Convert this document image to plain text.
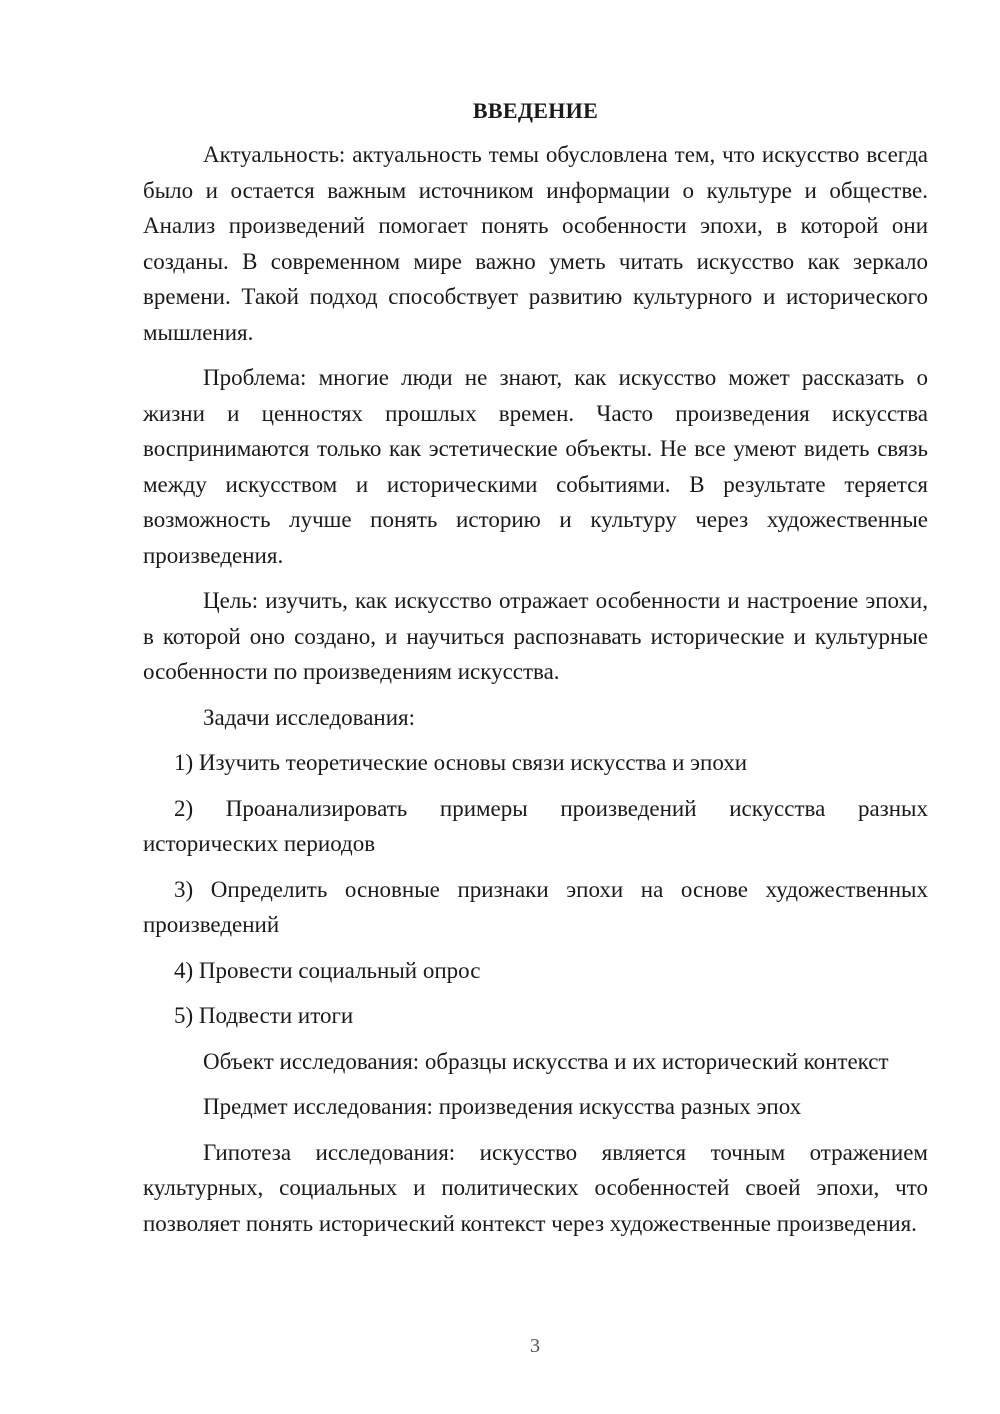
ВВЕДЕНИЕ

Актуальность: актуальность темы обусловлена тем, что искусство всегда было и остается важным источником информации о культуре и обществе. Анализ произведений помогает понять особенности эпохи, в которой они созданы. В современном мире важно уметь читать искусство как зеркало времени. Такой подход способствует развитию культурного и исторического мышления.

Проблема: многие люди не знают, как искусство может рассказать о жизни и ценностях прошлых времен. Часто произведения искусства воспринимаются только как эстетические объекты. Не все умеют видеть связь между искусством и историческими событиями. В результате теряется возможность лучше понять историю и культуру через художественные произведения.

Цель: изучить, как искусство отражает особенности и настроение эпохи, в которой оно создано, и научиться распознавать исторические и культурные особенности по произведениям искусства.

Задачи исследования:

1) Изучить теоретические основы связи искусства и эпохи

2) Проанализировать примеры произведений искусства разных исторических периодов

3) Определить основные признаки эпохи на основе художественных произведений

4) Провести социальный опрос

5) Подвести итоги

Объект исследования: образцы искусства и их исторический контекст

Предмет исследования: произведения искусства разных эпох

Гипотеза исследования: искусство является точным отражением культурных, социальных и политических особенностей своей эпохи, что позволяет понять исторический контекст через художественные произведения.

3
